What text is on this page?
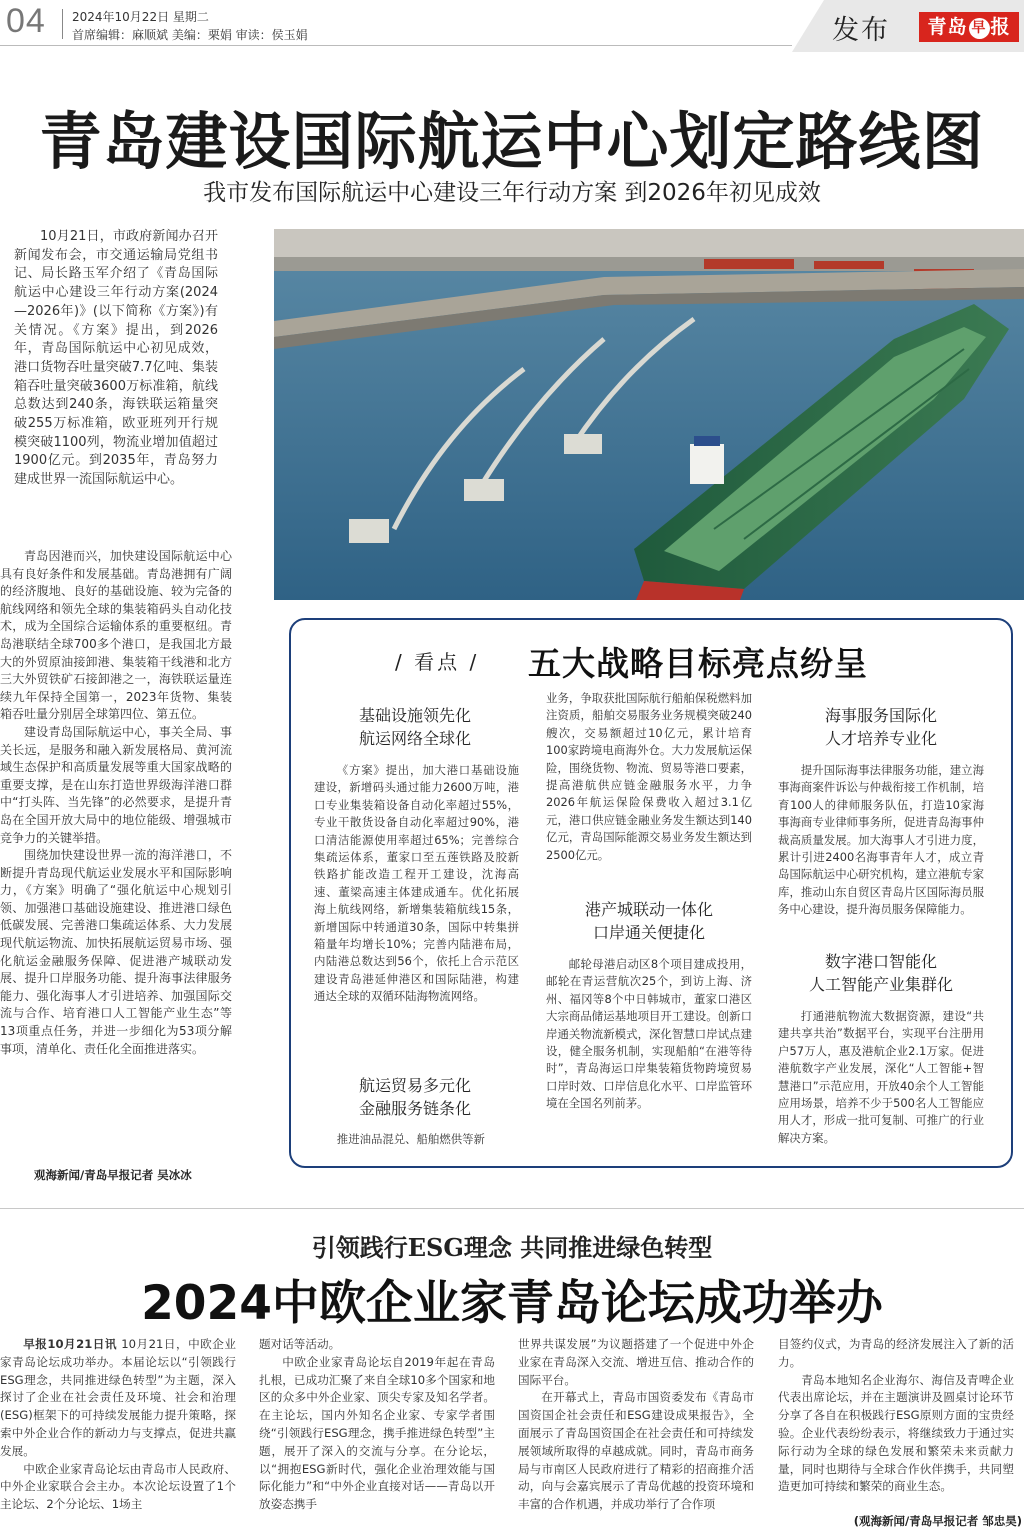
04 2024年10月22日 星期二
首席编辑：麻顺斌 美编：栗娟 审读：侯玉娟	发布	青岛 早 报
青岛建设国际航运中心划定路线图
我市发布国际航运中心建设三年行动方案 到2026年初见成效

10月21日，市政府新闻办召开新闻发布会，市交通运输局党组书记、局长路玉军介绍了《青岛国际航运中心建设三年行动方案(2024—2026年)》(以下简称《方案》)有关情况。《方案》提出，到2026年，青岛国际航运中心初见成效，港口货物吞吐量突破7.7亿吨、集装箱吞吐量突破3600万标准箱，航线总数达到240条，海铁联运箱量突破255万标准箱，欧亚班列开行规模突破1100列，物流业增加值超过1900亿元。到2035年，青岛努力建成世界一流国际航运中心。

青岛因港而兴，加快建设国际航运中心具有良好条件和发展基础。青岛港拥有广阔的经济腹地、良好的基础设施、较为完备的航线网络和领先全球的集装箱码头自动化技术，成为全国综合运输体系的重要枢纽。青岛港联结全球700多个港口，是我国北方最大的外贸原油接卸港、集装箱干线港和北方三大外贸铁矿石接卸港之一，海铁联运量连续九年保持全国第一，2023年货物、集装箱吞吐量分别居全球第四位、第五位。

建设青岛国际航运中心，事关全局、事关长远，是服务和融入新发展格局、黄河流域生态保护和高质量发展等重大国家战略的重要支撑，是在山东打造世界级海洋港口群中“打头阵、当先锋”的必然要求，是提升青岛在全国开放大局中的地位能级、增强城市竞争力的关键举措。

围绕加快建设世界一流的海洋港口，不断提升青岛现代航运业发展水平和国际影响力，《方案》明确了“强化航运中心规划引领、加强港口基础设施建设、推进港口绿色低碳发展、完善港口集疏运体系、大力发展现代航运物流、加快拓展航运贸易市场、强化航运金融服务保障、促进港产城联动发展、提升口岸服务功能、提升海事法律服务能力、强化海事人才引进培养、加强国际交流与合作、培育港口人工智能产业生态”等13项重点任务，并进一步细化为53项分解事项，清单化、责任化全面推进落实。

观海新闻/青岛早报记者 吴冰冰
/ 看点 / 五大战略目标亮点纷呈
基础设施领先化
航运网络全球化

《方案》提出，加大港口基础设施建设，新增码头通过能力2600万吨，港口专业集装箱设备自动化率超过55%，专业干散货设备自动化率超过90%，港口清洁能源使用率超过65%；完善综合集疏运体系，董家口至五莲铁路及胶新铁路扩能改造工程开工建设，沈海高速、董梁高速主体建成通车。优化拓展海上航线网络，新增集装箱航线15条，新增国际中转通道30条，国际中转集拼箱量年均增长10%；完善内陆港布局，内陆港总数达到56个，依托上合示范区建设青岛港延伸港区和国际陆港，构建通达全球的双循环陆海物流网络。

航运贸易多元化
金融服务链条化

推进油品混兑、船舶燃供等新

业务，争取获批国际航行船舶保税燃料加注资质，船舶交易服务业务规模突破240艘次，交易额超过10亿元，累计培育100家跨境电商海外仓。大力发展航运保险，围绕货物、物流、贸易等港口要素，提高港航供应链金融服务水平，力争2026年航运保险保费收入超过3.1亿元，港口供应链金融业务发生额达到140亿元，青岛国际能源交易业务发生额达到2500亿元。

港产城联动一体化
口岸通关便捷化

邮轮母港启动区8个项目建成投用，邮轮在青运营航次25个，到访上海、济州、福冈等8个中日韩城市，董家口港区大宗商品储运基地项目开工建设。创新口岸通关物流新模式，深化智慧口岸试点建设，健全服务机制，实现船舶“在港等待时”，青岛海运口岸集装箱货物跨境贸易口岸时效、口岸信息化水平、口岸监管环境在全国名列前茅。

海事服务国际化
人才培养专业化

提升国际海事法律服务功能，建立海事海商案件诉讼与仲裁衔接工作机制，培育100人的律师服务队伍，打造10家海事海商专业律师事务所，促进青岛海事仲裁高质量发展。加大海事人才引进力度，累计引进2400名海事青年人才，成立青岛国际航运中心研究机构，建立港航专家库，推动山东自贸区青岛片区国际海员服务中心建设，提升海员服务保障能力。

数字港口智能化
人工智能产业集群化

打通港航物流大数据资源，建设“共建共享共治”数据平台，实现平台注册用户57万人，惠及港航企业2.1万家。促进港航数字产业发展，深化“人工智能+智慧港口”示范应用，开放40余个人工智能应用场景，培养不少于500名人工智能应用人才，形成一批可复制、可推广的行业解决方案。

引领践行ESG理念 共同推进绿色转型
2024中欧企业家青岛论坛成功举办

早报10月21日讯 10月21日，中欧企业家青岛论坛成功举办。本届论坛以“引领践行ESG理念，共同推进绿色转型”为主题，深入探讨了企业在社会责任及环境、社会和治理(ESG)框架下的可持续发展能力提升策略，探索中外企业合作的新动力与支撑点，促进共赢发展。

中欧企业家青岛论坛由青岛市人民政府、中外企业家联合会主办。本次论坛设置了1个主论坛、2个分论坛、1场主

题对话等活动。

中欧企业家青岛论坛自2019年起在青岛扎根，已成功汇聚了来自全球10多个国家和地区的众多中外企业家、顶尖专家及知名学者。在主论坛，国内外知名企业家、专家学者围绕“引领践行ESG理念，携手推进绿色转型”主题，展开了深入的交流与分享。在分论坛，以“拥抱ESG新时代，强化企业治理效能与国际化能力”和“中外企业直接对话——青岛以开放姿态携手

世界共谋发展”为议题搭建了一个促进中外企业家在青岛深入交流、增进互信、推动合作的国际平台。

在开幕式上，青岛市国资委发布《青岛市国资国企社会责任和ESG建设成果报告》，全面展示了青岛国资国企在社会责任和可持续发展领域所取得的卓越成就。同时，青岛市商务局与市南区人民政府进行了精彩的招商推介活动，向与会嘉宾展示了青岛优越的投资环境和丰富的合作机遇，并成功举行了合作项

目签约仪式，为青岛的经济发展注入了新的活力。

青岛本地知名企业海尔、海信及青啤企业代表出席论坛，并在主题演讲及圆桌讨论环节分享了各自在积极践行ESG原则方面的宝贵经验。企业代表纷纷表示，将继续致力于通过实际行动为全球的绿色发展和繁荣未来贡献力量，同时也期待与全球合作伙伴携手，共同塑造更加可持续和繁荣的商业生态。

(观海新闻/青岛早报记者 邹忠昊)
